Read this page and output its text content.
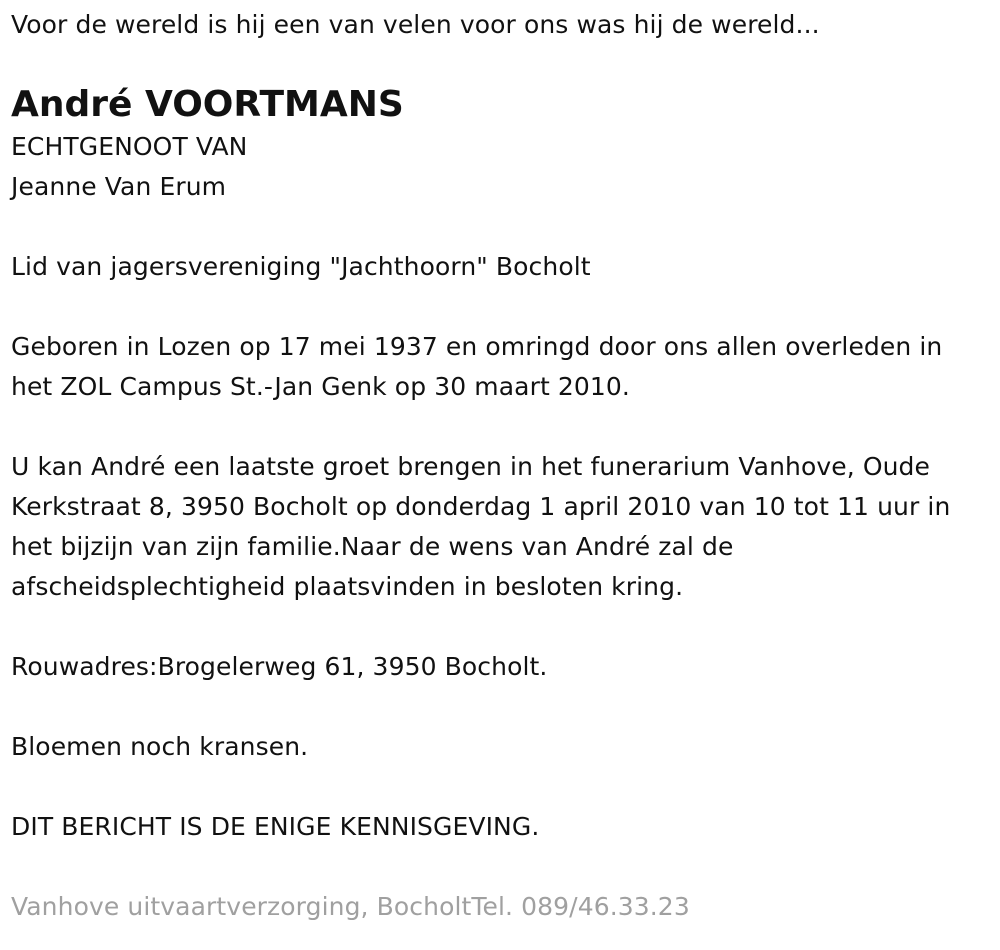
Voor de wereld is hij een van velen voor ons was hij de wereld...
André VOORTMANS
ECHTGENOOT VAN
Jeanne Van Erum
Lid van jagersvereniging "Jachthoorn" Bocholt
Geboren in Lozen op 17 mei 1937 en omringd door ons allen overleden in
het ZOL Campus St.-Jan Genk op 30 maart 2010.
U kan André een laatste groet brengen in het funerarium Vanhove, Oude
Kerkstraat 8, 3950 Bocholt op donderdag 1 april 2010 van 10 tot 11 uur in
het bijzijn van zijn familie.Naar de wens van André zal de
afscheidsplechtigheid plaatsvinden in besloten kring.
Rouwadres:Brogelerweg 61, 3950 Bocholt.
Bloemen noch kransen.
DIT BERICHT IS DE ENIGE KENNISGEVING.
Vanhove uitvaartverzorging, BocholtTel. 089/46.33.23
